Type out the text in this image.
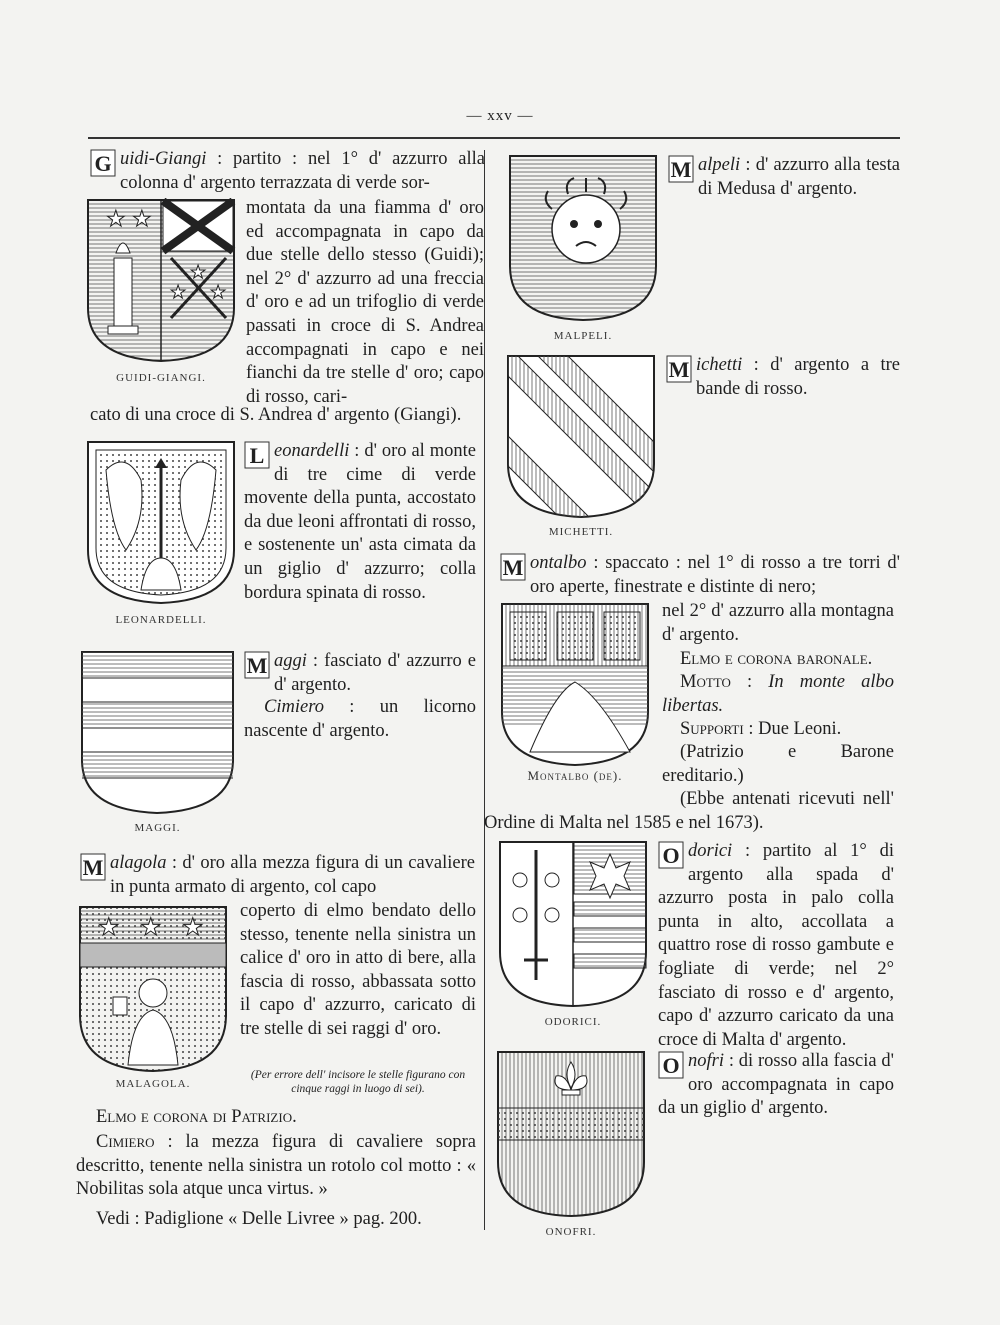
— xxv —
G uidi-Giangi : partito : nel 1° d' azzurro alla colonna d' argento terrazzata di verde sor-
★ ★
★
★ ★
montata da una fiamma d' oro ed accompagnata in capo da due stelle dello stesso (Guidi); nel 2° d' azzurro ad una freccia d' oro e ad un trifoglio di verde passati in croce di S. Andrea accompagnati in capo e nei fianchi da tre stelle d' oro; capo di rosso, cari-
GUIDI-GIANGI.
cato di una croce di S. Andrea d' argento (Giangi).
L eonardelli : d' oro al monte di tre cime di verde movente della punta, accostato da due leoni affrontati di rosso, e sostenente un' asta cimata da un giglio d' azzurro; colla bordura spinata di rosso.
LEONARDELLI.
M aggi : fasciato d' azzurro e d' argento.
Cimiero : un licorno nascente d' argento.
MAGGI.
M alagola : d' oro alla mezza figura di un cavaliere in punta armato di argento, col capo
★ ★ ★
coperto di elmo bendato dello stesso, tenente nella sinistra un calice d' oro in atto di bere, alla fascia di rosso, abbassata sotto il capo d' azzurro, caricato di tre stelle di sei raggi d' oro.
(Per errore dell' incisore le stelle figurano con cinque raggi in luogo di sei).
MALAGOLA.
Elmo e corona di Patrizio.
Cimiero : la mezza figura di cavaliere sopra descritto, tenente nella sinistra un rotolo col motto : « Nobilitas sola atque unca virtus. »
Vedi : Padiglione « Delle Livree » pag. 200.
M alpeli : d' azzurro alla testa di Medusa d' argento.
MALPELI.
M ichetti : d' argento a tre bande di rosso.
MICHETTI.
M ontalbo : spaccato : nel 1° di rosso a tre torri d' oro aperte, finestrate e distinte di nero;
nel 2° d' azzurro alla montagna d' argento.
Elmo e corona baronale.
Motto : In monte albo libertas.
Supporti : Due Leoni.
(Patrizio e Barone ereditario.)
Montalbo (de).
(Ebbe antenati ricevuti nell' Ordine di Malta nel 1585 e nel 1673).
O dorici : partito al 1° di argento alla spada d' azzurro posta in palo colla punta in alto, accollata a quattro rose di rosso gambute e fogliate di verde; nel 2° fasciato di rosso e d' argento, capo d' azzurro caricato da una croce di Malta d' argento.
ODORICI.
O nofri : di rosso alla fascia d' oro accompagnata in capo da un giglio d' argento.
ONOFRI.
